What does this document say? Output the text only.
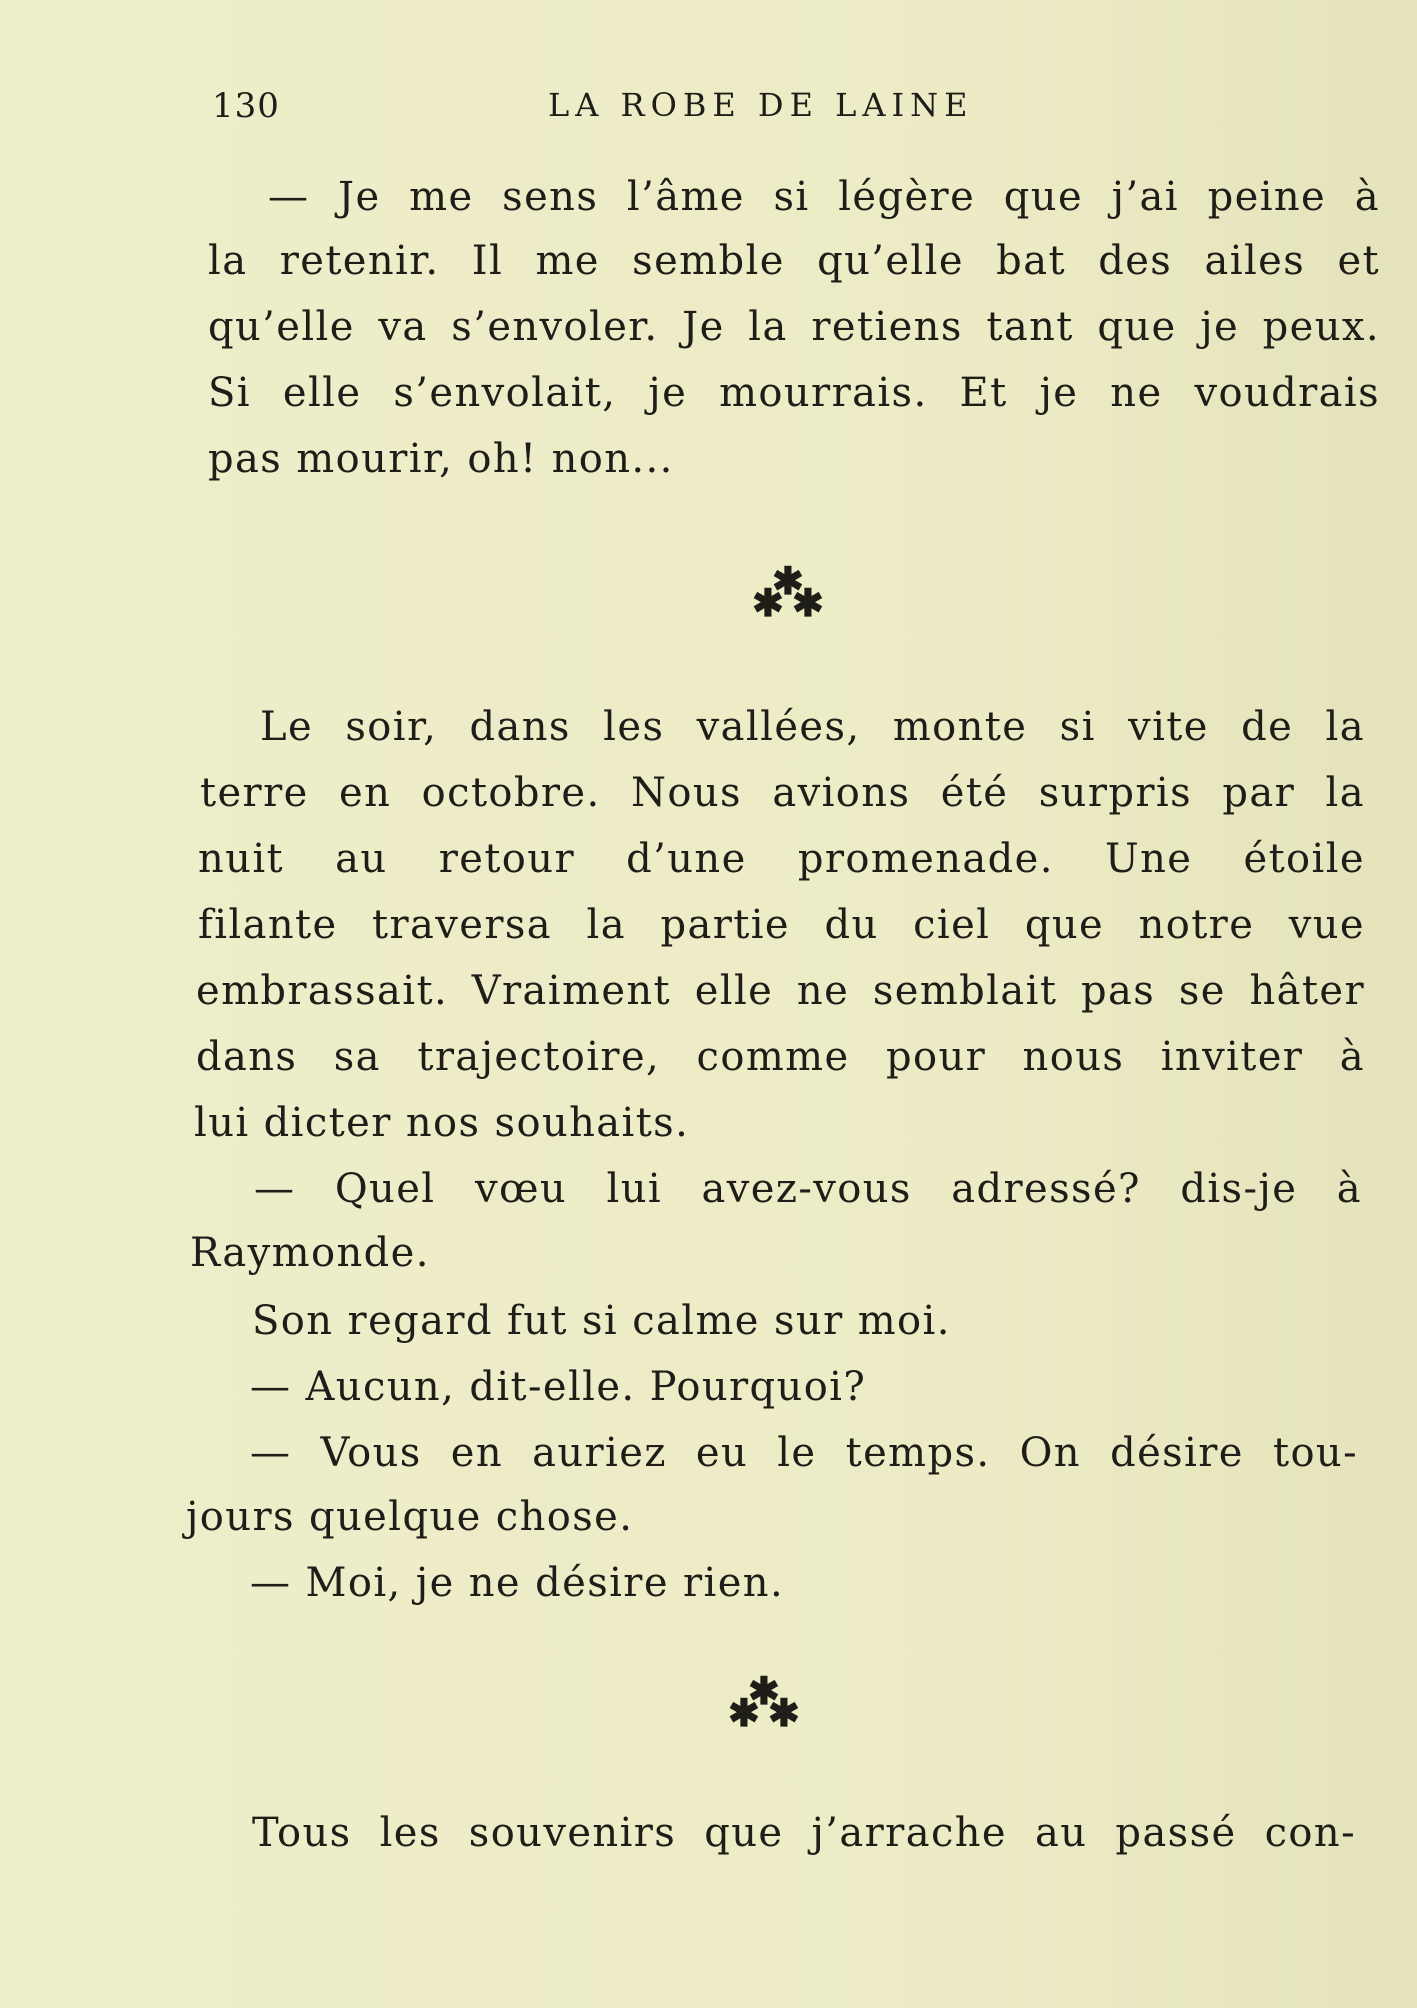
130	LA ROBE DE LAINE
— Je me sens l’âme si légère que j’ai peine à
la retenir. Il me semble qu’elle bat des ailes et
qu’elle va s’envoler. Je la retiens tant que je peux.
Si elle s’envolait, je mourrais. Et je ne voudrais
pas mourir, oh! non...
✱
✱ ✱
Le soir, dans les vallées, monte si vite de la
terre en octobre. Nous avions été surpris par la
nuit au retour d’une promenade. Une étoile
filante traversa la partie du ciel que notre vue
embrassait. Vraiment elle ne semblait pas se hâter
dans sa trajectoire, comme pour nous inviter à
lui dicter nos souhaits.
— Quel vœu lui avez-vous adressé? dis-je à
Raymonde.
Son regard fut si calme sur moi.
— Aucun, dit-elle. Pourquoi?
— Vous en auriez eu le temps. On désire tou-
jours quelque chose.
— Moi, je ne désire rien.
✱
✱ ✱
Tous les souvenirs que j’arrache au passé con-
